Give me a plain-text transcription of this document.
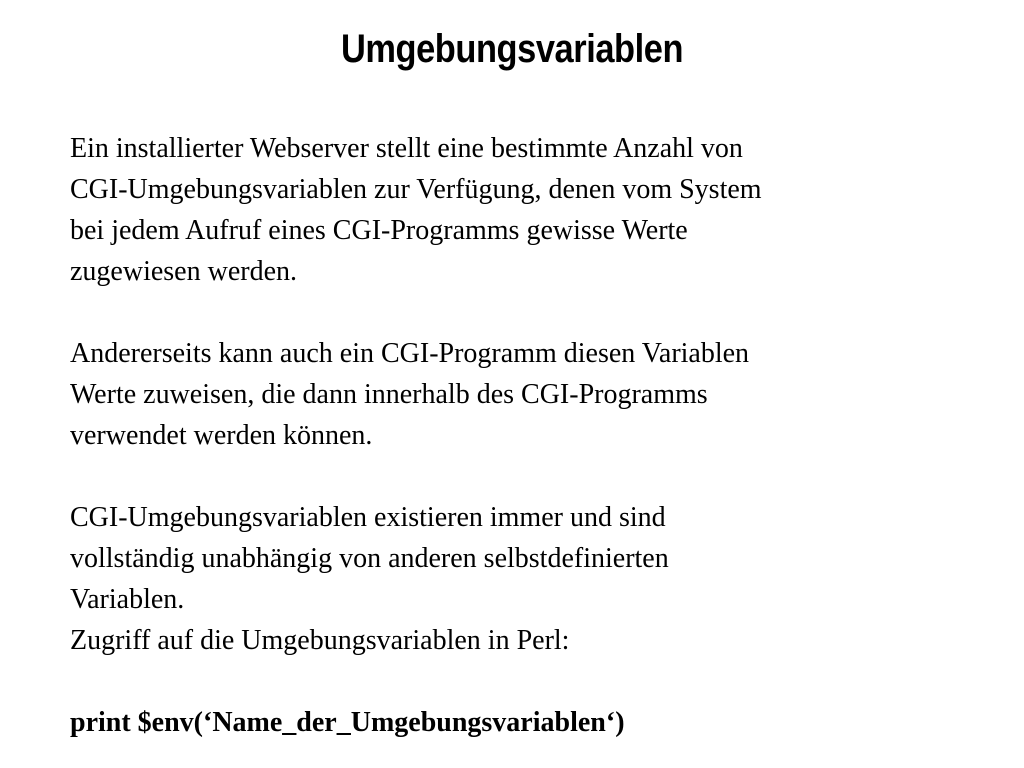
Umgebungsvariablen
Ein installierter Webserver stellt eine bestimmte Anzahl von
CGI-Umgebungsvariablen zur Verfügung, denen vom System
bei jedem Aufruf eines CGI-Programms gewisse Werte
zugewiesen werden.
Andererseits kann auch ein CGI-Programm diesen Variablen
Werte zuweisen, die dann innerhalb des CGI-Programms
verwendet werden können.
CGI-Umgebungsvariablen existieren immer und sind
vollständig unabhängig von anderen selbstdefinierten
Variablen.
Zugriff auf die Umgebungsvariablen in Perl:
print $env(‘Name_der_Umgebungsvariablen‘)
